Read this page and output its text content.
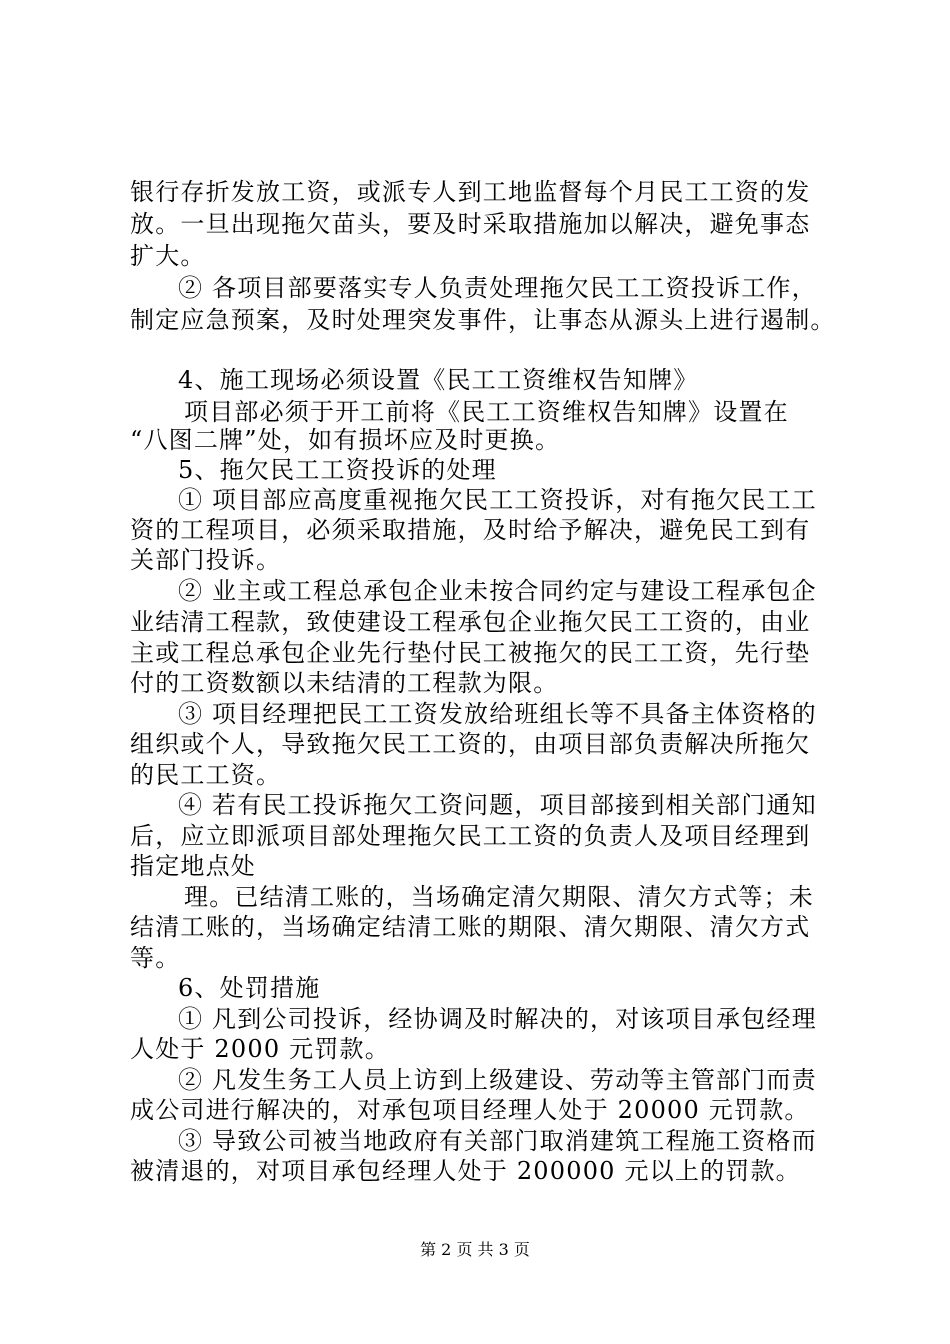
银行存折发放工资，或派专人到工地监督每个月民工工资的发
放。一旦出现拖欠苗头，要及时采取措施加以解决，避免事态
扩大。
② 各项目部要落实专人负责处理拖欠民工工资投诉工作，
制定应急预案，及时处理突发事件，让事态从源头上进行遏制。
4、施工现场必须设置《民工工资维权告知牌》
项目部必须于开工前将《民工工资维权告知牌》设置在
“八图二牌”处，如有损坏应及时更换。
5、拖欠民工工资投诉的处理
① 项目部应高度重视拖欠民工工资投诉，对有拖欠民工工
资的工程项目，必须采取措施，及时给予解决，避免民工到有
关部门投诉。
② 业主或工程总承包企业未按合同约定与建设工程承包企
业结清工程款，致使建设工程承包企业拖欠民工工资的，由业
主或工程总承包企业先行垫付民工被拖欠的民工工资，先行垫
付的工资数额以未结清的工程款为限。
③ 项目经理把民工工资发放给班组长等不具备主体资格的
组织或个人，导致拖欠民工工资的，由项目部负责解决所拖欠
的民工工资。
④ 若有民工投诉拖欠工资问题，项目部接到相关部门通知
后，应立即派项目部处理拖欠民工工资的负责人及项目经理到
指定地点处
理。已结清工账的，当场确定清欠期限、清欠方式等；未
结清工账的，当场确定结清工账的期限、清欠期限、清欠方式
等。
6、处罚措施
① 凡到公司投诉，经协调及时解决的，对该项目承包经理
人处于 2000 元罚款。
② 凡发生务工人员上访到上级建设、劳动等主管部门而责
成公司进行解决的，对承包项目经理人处于 20000 元罚款。
③ 导致公司被当地政府有关部门取消建筑工程施工资格而
被清退的，对项目承包经理人处于 200000 元以上的罚款。
第 2 页 共 3 页
